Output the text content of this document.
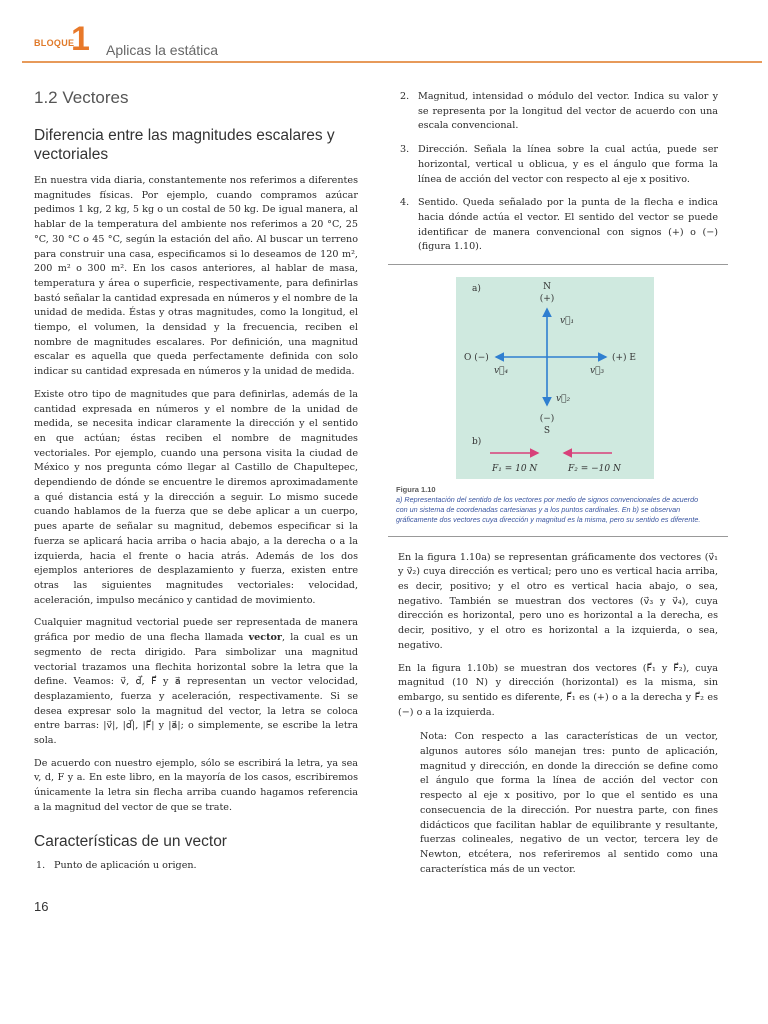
BLOQUE
1 Aplicas la estática
1.2 Vectores
Diferencia entre las magnitudes escalares y vectoriales

En nuestra vida diaria, constantemente nos referimos a diferentes magnitudes físicas. Por ejemplo, cuando compramos azúcar pedimos 1 kg, 2 kg, 5 kg o un costal de 50 kg. De igual manera, al hablar de la temperatura del ambiente nos referimos a 20 °C, 25 °C, 30 °C o 45 °C, según la estación del año. Al buscar un terreno para construir una casa, especificamos si lo deseamos de 120 m², 200 m² o 300 m². En los casos anteriores, al hablar de masa, temperatura y área o superficie, respectivamente, para definirlas bastó señalar la cantidad expresada en números y el nombre de la unidad de medida. Éstas y otras magnitudes, como la longitud, el tiempo, el volumen, la densidad y la frecuencia, reciben el nombre de magnitudes escalares. Por definición, una magnitud escalar es aquella que queda perfectamente definida con solo indicar su cantidad expresada en números y la unidad de medida.

Existe otro tipo de magnitudes que para definirlas, además de la cantidad expresada en números y el nombre de la unidad de medida, se necesita indicar claramente la dirección y el sentido en que actúan; éstas reciben el nombre de magnitudes vectoriales. Por ejemplo, cuando una persona visita la ciudad de México y nos pregunta cómo llegar al Castillo de Chapultepec, dependiendo de dónde se encuentre le diremos aproximadamente a qué distancia está y la dirección a seguir. Lo mismo sucede cuando hablamos de la fuerza que se debe aplicar a un cuerpo, pues aparte de señalar su magnitud, debemos especificar si la fuerza se aplicará hacia arriba o hacia abajo, a la derecha o a la izquierda, hacia el frente o hacia atrás. Además de los dos ejemplos anteriores de desplazamiento y fuerza, existen entre otras las siguientes magnitudes vectoriales: velocidad, aceleración, impulso mecánico y cantidad de movimiento.

Cualquier magnitud vectorial puede ser representada de manera gráfica por medio de una flecha llamada vector, la cual es un segmento de recta dirigido. Para simbolizar una magnitud vectorial trazamos una flechita horizontal sobre la letra que la define. Veamos: v⃗, d⃗, F⃗ y a⃗ representan un vector velocidad, desplazamiento, fuerza y aceleración, respectivamente. Si se desea expresar solo la magnitud del vector, la letra se coloca entre barras: |v⃗|, |d⃗|, |F⃗| y |a⃗|; o simplemente, se escribe la letra sola.

De acuerdo con nuestro ejemplo, sólo se escribirá la letra, ya sea v, d, F y a. En este libro, en la mayoría de los casos, escribiremos únicamente la letra sin flecha arriba cuando hagamos referencia a la magnitud del vector de que se trate.

Características de un vector
1. Punto de aplicación u origen.
2. Magnitud, intensidad o módulo del vector. Indica su valor y se representa por la longitud del vector de acuerdo con una escala convencional.
3. Dirección. Señala la línea sobre la cual actúa, puede ser horizontal, vertical u oblicua, y es el ángulo que forma la línea de acción del vector con respecto al eje x positivo.
4. Sentido. Queda señalado por la punta de la flecha e indica hacia dónde actúa el vector. El sentido del vector se puede identificar de manera convencional con signos (+) o (−) (figura 1.10).
a)	N
(+)
v⃗₁
v⃗₂
v⃗₃
v⃗₄
O (−)	(+) E
(−)
S
b)
F₁ = 10 N	F₂ = −10 N
Figura 1.10
a) Representación del sentido de los vectores por medio de signos convencionales de acuerdo con un sistema de coordenadas cartesianas y a los puntos cardinales. En b) se observan gráficamente dos vectores cuya dirección y magnitud es la misma, pero su sentido es diferente.

En la figura 1.10a) se representan gráficamente dos vectores (v⃗₁ y v⃗₂) cuya dirección es vertical; pero uno es vertical hacia arriba, es decir, positivo; y el otro es vertical hacia abajo, o sea, negativo. También se muestran dos vectores (v⃗₃ y v⃗₄), cuya dirección es horizontal, pero uno es horizontal a la derecha, es decir, positivo, y el otro es horizontal a la izquierda, o sea, negativo.

En la figura 1.10b) se muestran dos vectores (F⃗₁ y F⃗₂), cuya magnitud (10 N) y dirección (horizontal) es la misma, sin embargo, su sentido es diferente, F⃗₁ es (+) o a la derecha y F⃗₂ es (−) o a la izquierda.

Nota: Con respecto a las características de un vector, algunos autores sólo manejan tres: punto de aplicación, magnitud y dirección, en donde la dirección se define como el ángulo que forma la línea de acción del vector con respecto al eje x positivo, por lo que el sentido es una consecuencia de la dirección. Por nuestra parte, con fines didácticos que facilitan hablar de equilibrante y resultante, fuerzas colineales, negativo de un vector, tercera ley de Newton, etcétera, nos referiremos al sentido como una característica más de un vector.
16
